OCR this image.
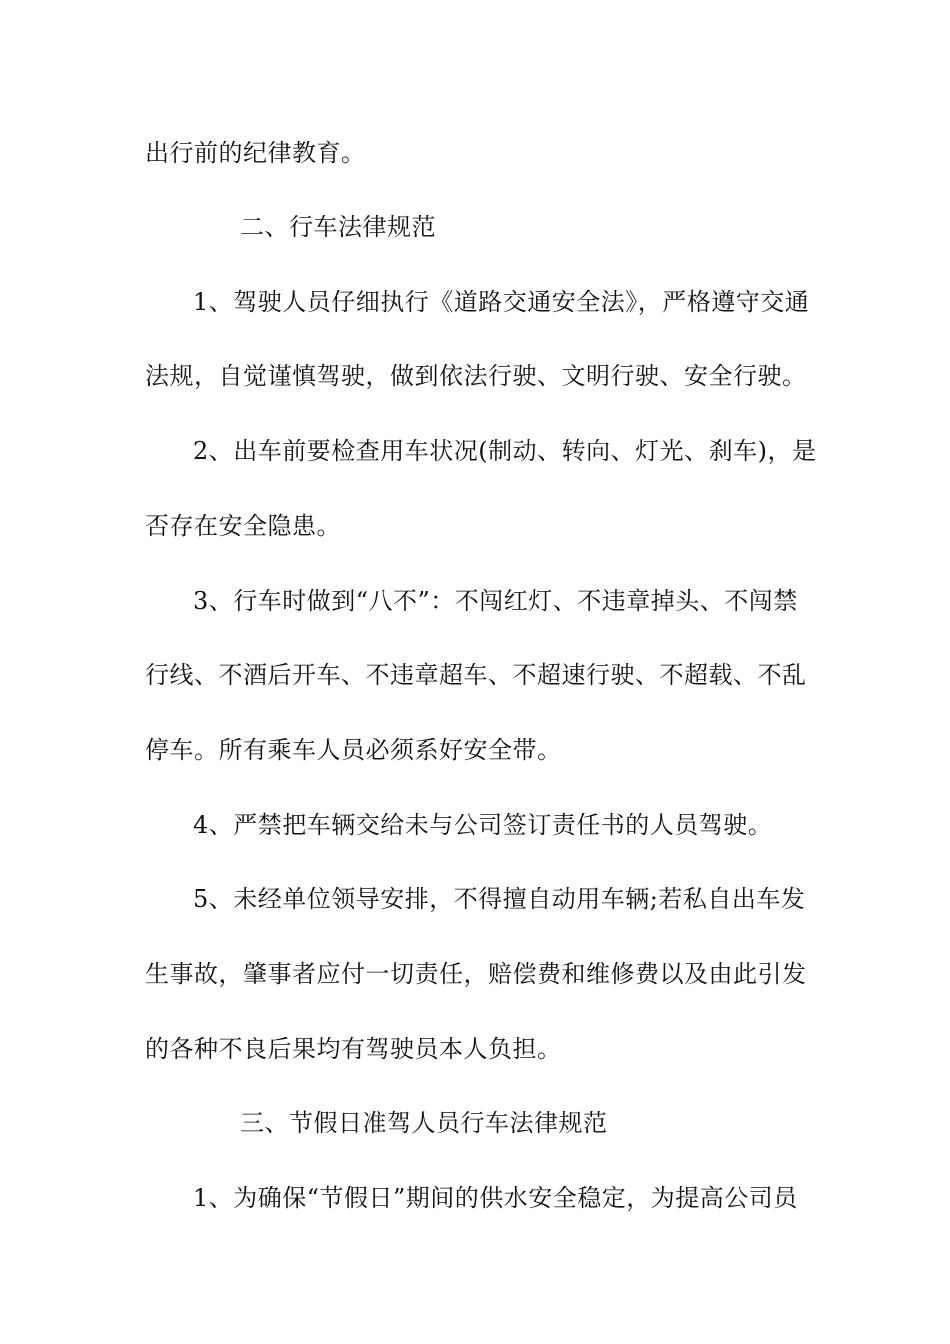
出行前的纪律教育。
二、行车法律规范
1、驾驶人员仔细执行《道路交通安全法》，严格遵守交通
法规，自觉谨慎驾驶，做到依法行驶、文明行驶、安全行驶。
2、出车前要检查用车状况(制动、转向、灯光、刹车)，是
否存在安全隐患。
3、行车时做到“八不”：不闯红灯、不违章掉头、不闯禁
行线、不酒后开车、不违章超车、不超速行驶、不超载、不乱
停车。所有乘车人员必须系好安全带。
4、严禁把车辆交给未与公司签订责任书的人员驾驶。
5、未经单位领导安排，不得擅自动用车辆;若私自出车发
生事故，肇事者应付一切责任，赔偿费和维修费以及由此引发
的各种不良后果均有驾驶员本人负担。
三、节假日准驾人员行车法律规范
1、为确保“节假日”期间的供水安全稳定，为提高公司员
